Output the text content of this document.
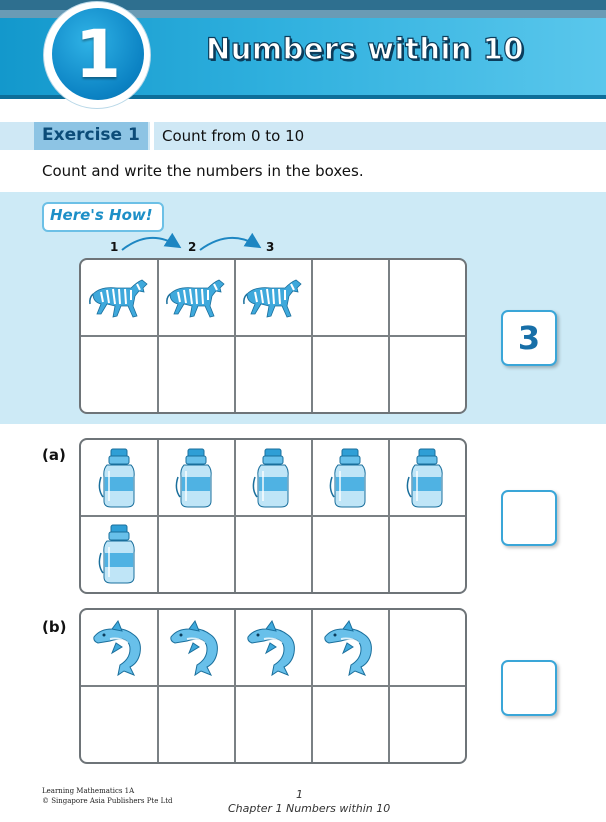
1	Numbers within 10
Exercise 1 Count from 0 to 10
Count and write the numbers in the boxes.
Here's How!
1	2	3
3
(a)
(b)
Learning Mathematics 1A
© Singapore Asia Publishers Pte Ltd	1
Chapter 1 Numbers within 10
